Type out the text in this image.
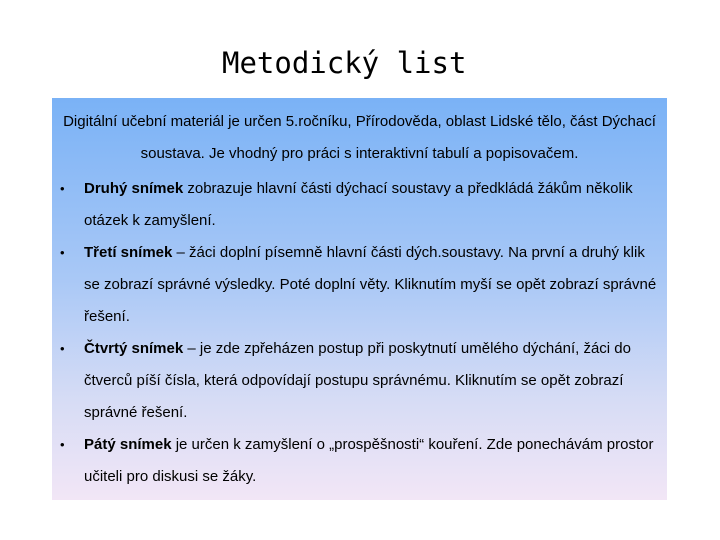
Metodický list
Digitální učební materiál je určen 5.ročníku, Přírodověda, oblast Lidské tělo, část Dýchací soustava. Je vhodný pro práci s interaktivní tabulí a popisovačem.
• Druhý snímek zobrazuje hlavní části dýchací soustavy a předkládá žákům několik otázek k zamyšlení.
• Třetí snímek – žáci doplní písemně hlavní části dých.soustavy. Na první a druhý klik se zobrazí správné výsledky. Poté doplní věty. Kliknutím myší se opět zobrazí správné řešení.
• Čtvrtý snímek – je zde zpřeházen postup při poskytnutí umělého dýchání, žáci do čtverců píší čísla, která odpovídají postupu správnému. Kliknutím se opět zobrazí správné řešení.
• Pátý snímek je určen k zamyšlení o „prospěšnosti“ kouření. Zde ponechávám prostor učiteli pro diskusi se žáky.
